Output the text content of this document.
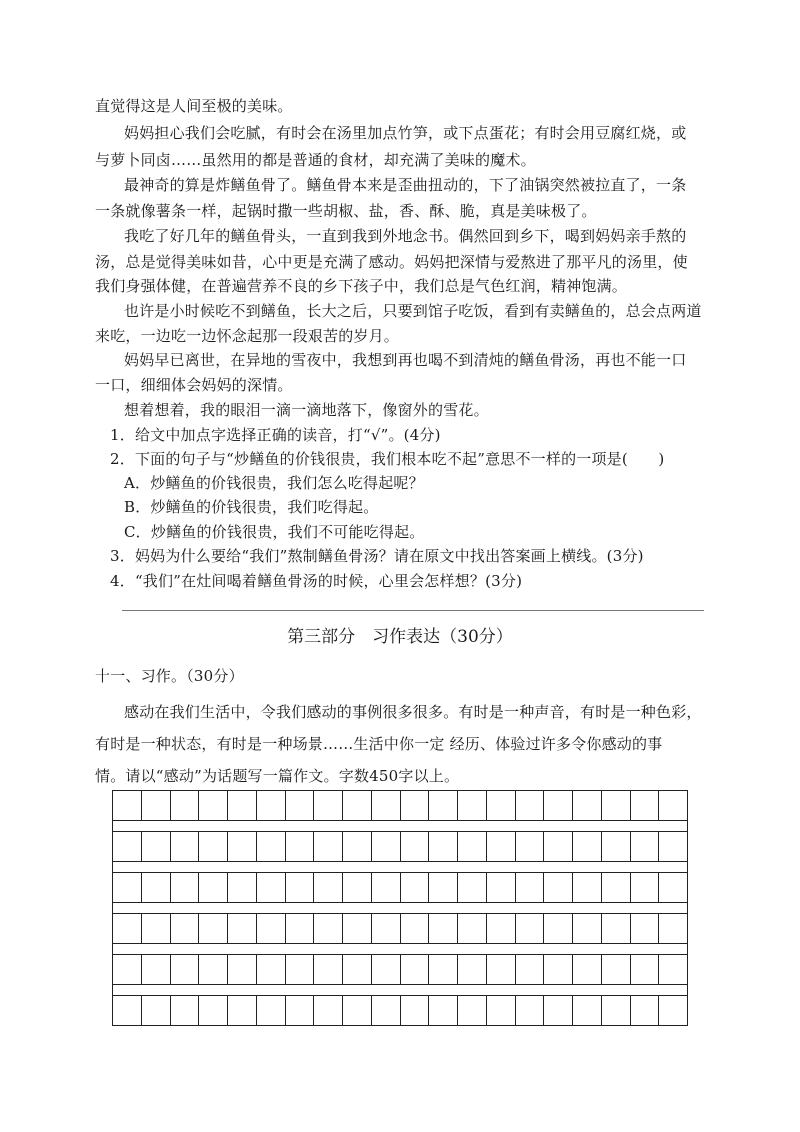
直觉得这是人间至极的美味。
妈妈担心我们会吃腻，有时会在汤里加点竹笋，或下点蛋花；有时会用豆腐红烧，或
与萝卜同卤……虽然用的都是普通的食材，却充满了美味的魔术。
最神奇的算是炸鳝鱼骨了。鳝鱼骨本来是歪曲扭动的，下了油锅突然被拉直了，一条
一条就像薯条一样，起锅时撒一些胡椒、盐，香、酥、脆，真是美味极了。
我吃了好几年的鳝鱼骨头，一直到我到外地念书。偶然回到乡下，喝到妈妈亲手熬的
汤，总是觉得美味如昔，心中更是充满了感动。妈妈把深情与爱熬进了那平凡的汤里，使
我们身强体健，在普遍营养不良的乡下孩子中，我们总是气色红润，精神饱满。
也许是小时候吃不到鳝鱼，长大之后，只要到馆子吃饭，看到有卖鳝鱼的，总会点两道
来吃，一边吃一边怀念起那一段艰苦的岁月。
妈妈早已离世，在异地的雪夜中，我想到再也喝不到清炖的鳝鱼骨汤，再也不能一口
一口，细细体会妈妈的深情。
想着想着，我的眼泪一滴一滴地落下，像窗外的雪花。
1．给文中加点字选择正确的读音，打“√”。(4分)
2．下面的句子与“炒鳝鱼的价钱很贵，我们根本吃不起”意思不一样的一项是(　　)
A．炒鳝鱼的价钱很贵，我们怎么吃得起呢？
B．炒鳝鱼的价钱很贵，我们吃得起。
C．炒鳝鱼的价钱很贵，我们不可能吃得起。
3．妈妈为什么要给“我们”熬制鳝鱼骨汤？请在原文中找出答案画上横线。(3分)
4．“我们”在灶间喝着鳝鱼骨汤的时候，心里会怎样想？(3分)
第三部分　习作表达（30分）
十一、习作。（30分）
感动在我们生活中，令我们感动的事例很多很多。有时是一种声音，有时是一种色彩，
有时是一种状态，有时是一种场景……生活中你一定 经历、体验过许多令你感动的事
情。请以“感动”为话题写一篇作文。字数450字以上。
